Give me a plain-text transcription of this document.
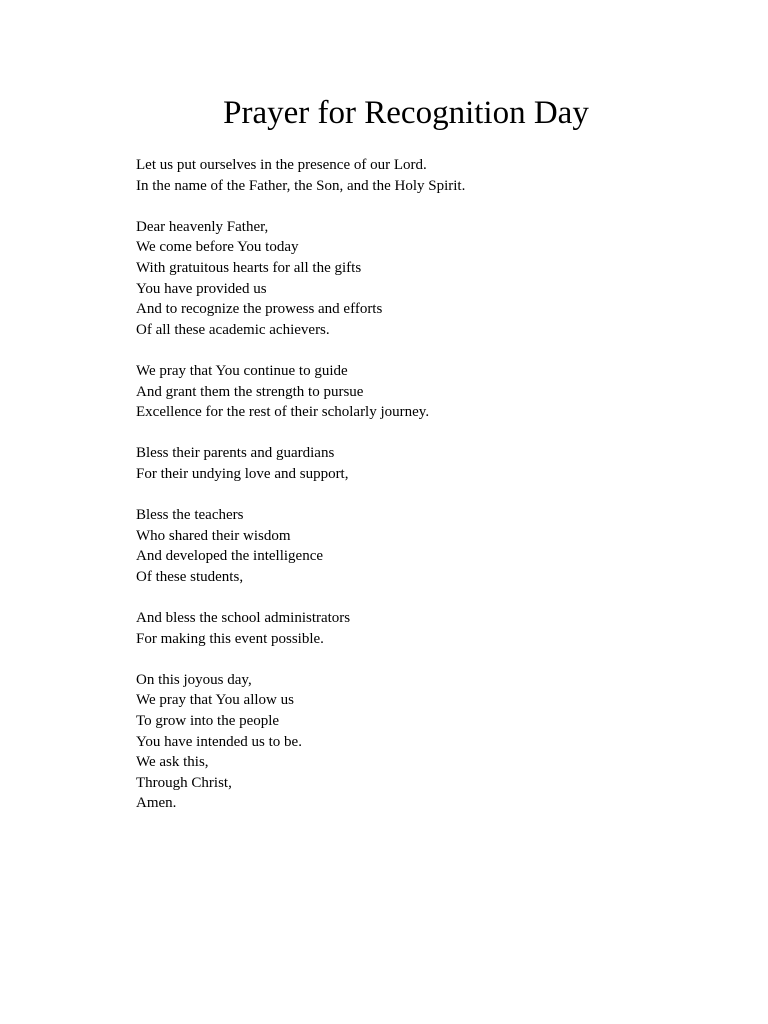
Prayer for Recognition Day
Let us put ourselves in the presence of our Lord.
In the name of the Father, the Son, and the Holy Spirit.
Dear heavenly Father,
We come before You today
With gratuitous hearts for all the gifts
You have provided us
And to recognize the prowess and efforts
Of all these academic achievers.
We pray that You continue to guide
And grant them the strength to pursue
Excellence for the rest of their scholarly journey.
Bless their parents and guardians
For their undying love and support,
Bless the teachers
Who shared their wisdom
And developed the intelligence
Of these students,
And bless the school administrators
For making this event possible.
On this joyous day,
We pray that You allow us
To grow into the people
You have intended us to be.
We ask this,
Through Christ,
Amen.
